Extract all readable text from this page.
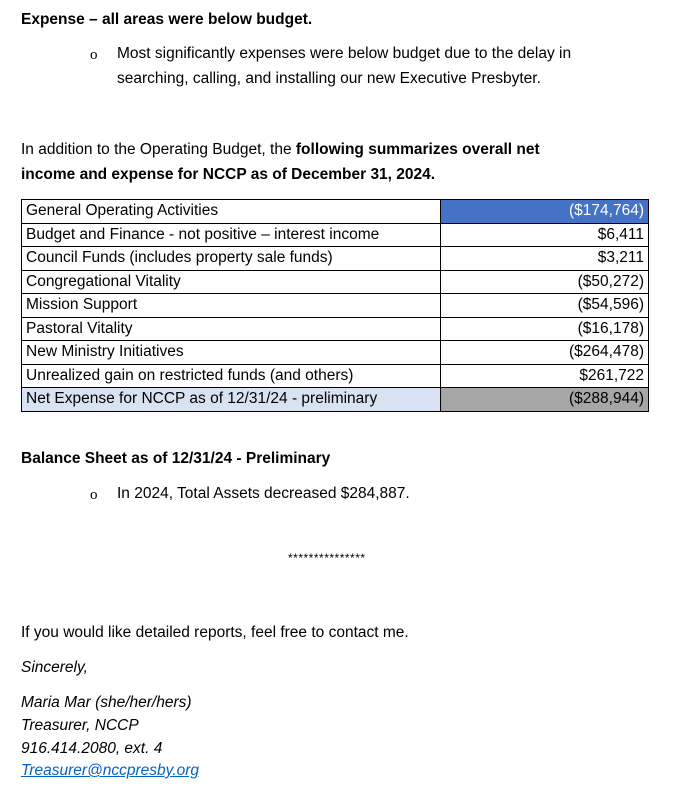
Expense – all areas were below budget.
o Most significantly expenses were below budget due to the delay in
searching, calling, and installing our new Executive Presbyter.
In addition to the Operating Budget, the following summarizes overall net
income and expense for NCCP as of December 31, 2024.
General Operating Activities	($174,764)
Budget and Finance - not positive – interest income	$6,411
Council Funds (includes property sale funds)	$3,211
Congregational Vitality	($50,272)
Mission Support	($54,596)
Pastoral Vitality	($16,178)
New Ministry Initiatives	($264,478)
Unrealized gain on restricted funds (and others)	$261,722
Net Expense for NCCP as of 12/31/24 - preliminary	($288,944)
Balance Sheet as of 12/31/24 - Preliminary
o In 2024, Total Assets decreased $284,887.
***************
If you would like detailed reports, feel free to contact me.
Sincerely,
Maria Mar (she/her/hers)
Treasurer, NCCP
916.414.2080, ext. 4
Treasurer@nccpresby.org
